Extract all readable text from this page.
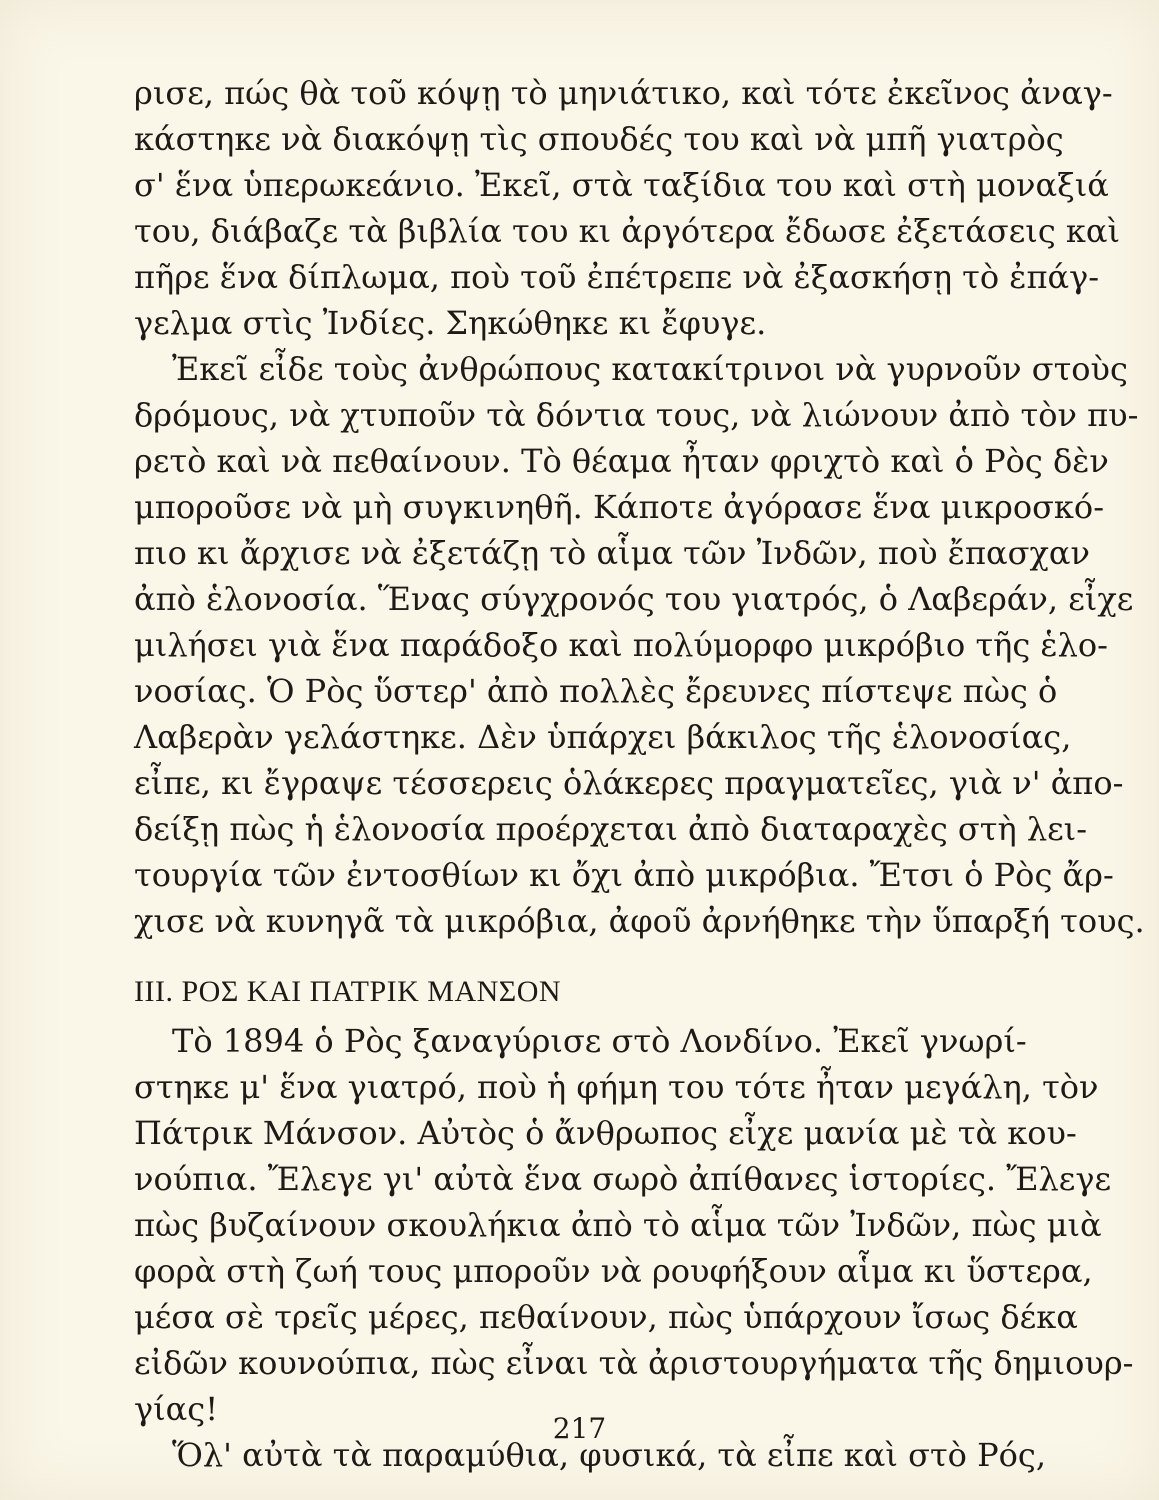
ρισε, πώς θὰ τοῦ κόψῃ τὸ μηνιάτικο, καὶ τότε ἐκεῖνος ἀναγ-
κάστηκε νὰ διακόψῃ τὶς σπουδές του καὶ νὰ μπῆ γιατρὸς
σ' ἕνα ὑπερωκεάνιο. Ἐκεῖ, στὰ ταξίδια του καὶ στὴ μοναξιά
του, διάβαζε τὰ βιβλία του κι ἀργότερα ἔδωσε ἐξετάσεις καὶ
πῆρε ἕνα δίπλωμα, ποὺ τοῦ ἐπέτρεπε νὰ ἐξασκήσῃ τὸ ἐπάγ-
γελμα στὶς Ἰνδίες. Σηκώθηκε κι ἔφυγε.
Ἐκεῖ εἶδε τοὺς ἀνθρώπους κατακίτρινοι νὰ γυρνοῦν στοὺς
δρόμους, νὰ χτυποῦν τὰ δόντια τους, νὰ λιώνουν ἀπὸ τὸν πυ-
ρετὸ καὶ νὰ πεθαίνουν. Τὸ θέαμα ἦταν φριχτὸ καὶ ὁ Ρὸς δὲν
μποροῦσε νὰ μὴ συγκινηθῆ. Κάποτε ἀγόρασε ἕνα μικροσκό-
πιο κι ἄρχισε νὰ ἐξετάζῃ τὸ αἷμα τῶν Ἰνδῶν, ποὺ ἔπασχαν
ἀπὸ ἑλονοσία. Ἕνας σύγχρονός του γιατρός, ὁ Λαβεράν, εἶχε
μιλήσει γιὰ ἕνα παράδοξο καὶ πολύμορφο μικρόβιο τῆς ἑλο-
νοσίας. Ὁ Ρὸς ὕστερ' ἀπὸ πολλὲς ἔρευνες πίστεψε πὼς ὁ
Λαβερὰν γελάστηκε. Δὲν ὑπάρχει βάκιλος τῆς ἑλονοσίας,
εἶπε, κι ἔγραψε τέσσερεις ὁλάκερες πραγματεῖες, γιὰ ν' ἀπο-
δείξῃ πὼς ἡ ἑλονοσία προέρχεται ἀπὸ διαταραχὲς στὴ λει-
τουργία τῶν ἐντοσθίων κι ὄχι ἀπὸ μικρόβια. Ἔτσι ὁ Ρὸς ἄρ-
χισε νὰ κυνηγᾶ τὰ μικρόβια, ἀφοῦ ἀρνήθηκε τὴν ὕπαρξή τους.
ΙΙΙ. ΡΟΣ ΚΑΙ ΠΑΤΡΙΚ ΜΑΝΣΟΝ
Τὸ 1894 ὁ Ρὸς ξαναγύρισε στὸ Λονδίνο. Ἐκεῖ γνωρί-
στηκε μ' ἕνα γιατρό, ποὺ ἡ φήμη του τότε ἦταν μεγάλη, τὸν
Πάτρικ Μάνσον. Αὐτὸς ὁ ἄνθρωπος εἶχε μανία μὲ τὰ κου-
νούπια. Ἔλεγε γι' αὐτὰ ἕνα σωρὸ ἀπίθανες ἱστορίες. Ἔλεγε
πὼς βυζαίνουν σκουλήκια ἀπὸ τὸ αἷμα τῶν Ἰνδῶν, πὼς μιὰ
φορὰ στὴ ζωή τους μποροῦν νὰ ρουφήξουν αἷμα κι ὕστερα,
μέσα σὲ τρεῖς μέρες, πεθαίνουν, πὼς ὑπάρχουν ἴσως δέκα
εἰδῶν κουνούπια, πὼς εἶναι τὰ ἀριστουργήματα τῆς δημιουρ-
γίας!
Ὅλ' αὐτὰ τὰ παραμύθια, φυσικά, τὰ εἶπε καὶ στὸ Ρός,
217
